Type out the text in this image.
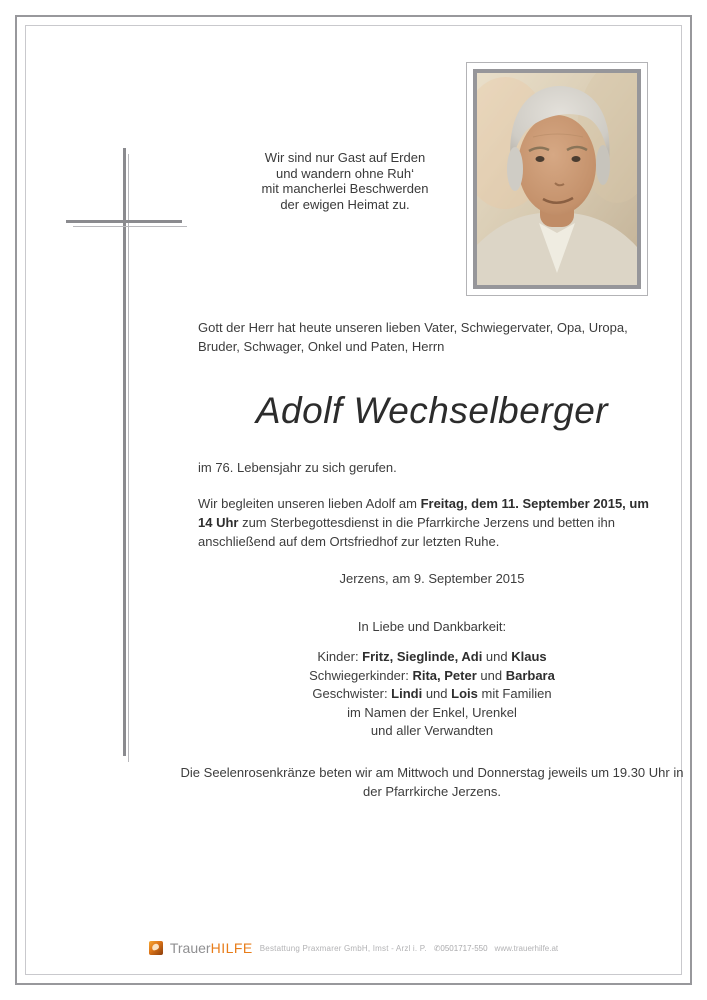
Wir sind nur Gast auf Erden

und wandern ohne Ruh‘

mit mancherlei Beschwerden

der ewigen Heimat zu.

Gott der Herr hat heute unseren lieben Vater, Schwiegervater, Opa, Uropa, Bruder, Schwager, Onkel und Paten, Herrn

Adolf Wechselberger

im 76. Lebensjahr zu sich gerufen.

Wir begleiten unseren lieben Adolf am Freitag, dem 11. September 2015, um 14 Uhr zum Sterbegottesdienst in die Pfarrkirche Jerzens und betten ihn anschließend auf dem Ortsfriedhof zur letzten Ruhe.

Jerzens, am 9. September 2015

In Liebe und Dankbarkeit:

Kinder: Fritz, Sieglinde, Adi und Klaus
Schwiegerkinder: Rita, Peter und Barbara
Geschwister: Lindi und Lois mit Familien
im Namen der Enkel, Urenkel
und aller Verwandten

Die Seelenrosenkränze beten wir am Mittwoch und Donnerstag jeweils um 19.30 Uhr in der Pfarrkirche Jerzens.

TrauerHILFE Bestattung Praxmarer GmbH, Imst - Arzl i. P. ✆0501717-550 www.trauerhilfe.at
